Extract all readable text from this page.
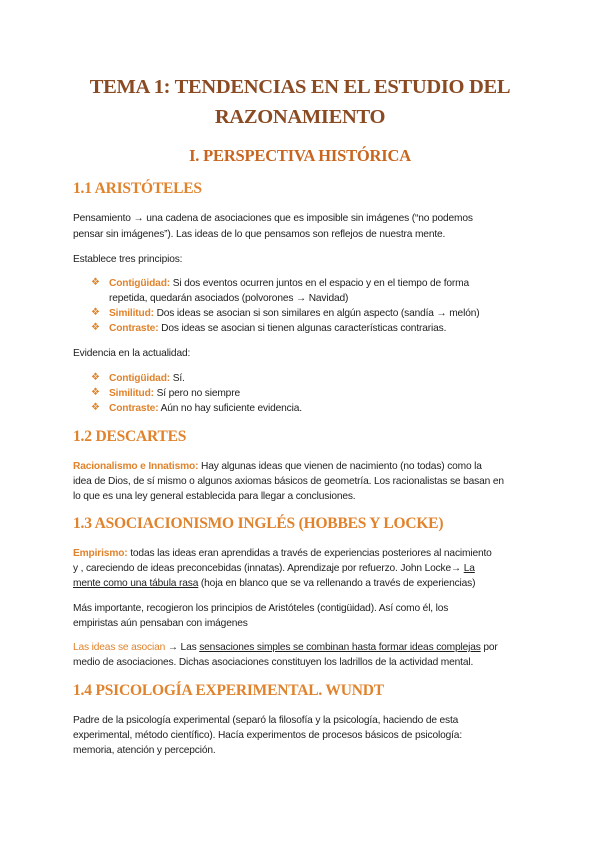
TEMA 1: TENDENCIAS EN EL ESTUDIO DEL
RAZONAMIENTO
I. PERSPECTIVA HISTÓRICA
1.1 ARISTÓTELES
Pensamiento → una cadena de asociaciones que es imposible sin imágenes (“no podemos
pensar sin imágenes”). Las ideas de lo que pensamos son reflejos de nuestra mente.
Establece tres principios:
❖ Contigüidad: Si dos eventos ocurren juntos en el espacio y en el tiempo de forma
repetida, quedarán asociados (polvorones → Navidad)
❖ Similitud: Dos ideas se asocian si son similares en algún aspecto (sandía → melón)
❖ Contraste: Dos ideas se asocian si tienen algunas características contrarias.
Evidencia en la actualidad:
❖ Contigüidad: Sí.
❖ Similitud: Sí pero no siempre
❖ Contraste: Aún no hay suficiente evidencia.
1.2 DESCARTES
Racionalismo e Innatismo: Hay algunas ideas que vienen de nacimiento (no todas) como la
idea de Dios, de sí mismo o algunos axiomas básicos de geometría. Los racionalistas se basan en
lo que es una ley general establecida para llegar a conclusiones.
1.3 ASOCIACIONISMO INGLÉS (HOBBES Y LOCKE)
Empirismo: todas las ideas eran aprendidas a través de experiencias posteriores al nacimiento
y , careciendo de ideas preconcebidas (innatas). Aprendizaje por refuerzo. John Locke→ La
mente como una tábula rasa (hoja en blanco que se va rellenando a través de experiencias)
Más importante, recogieron los principios de Aristóteles (contigüidad). Así como él, los
empiristas aún pensaban con imágenes
Las ideas se asocian → Las sensaciones simples se combinan hasta formar ideas complejas por
medio de asociaciones. Dichas asociaciones constituyen los ladrillos de la actividad mental.
1.4 PSICOLOGÍA EXPERIMENTAL. WUNDT
Padre de la psicología experimental (separó la filosofía y la psicología, haciendo de esta
experimental, método científico). Hacía experimentos de procesos básicos de psicología:
memoria, atención y percepción.
